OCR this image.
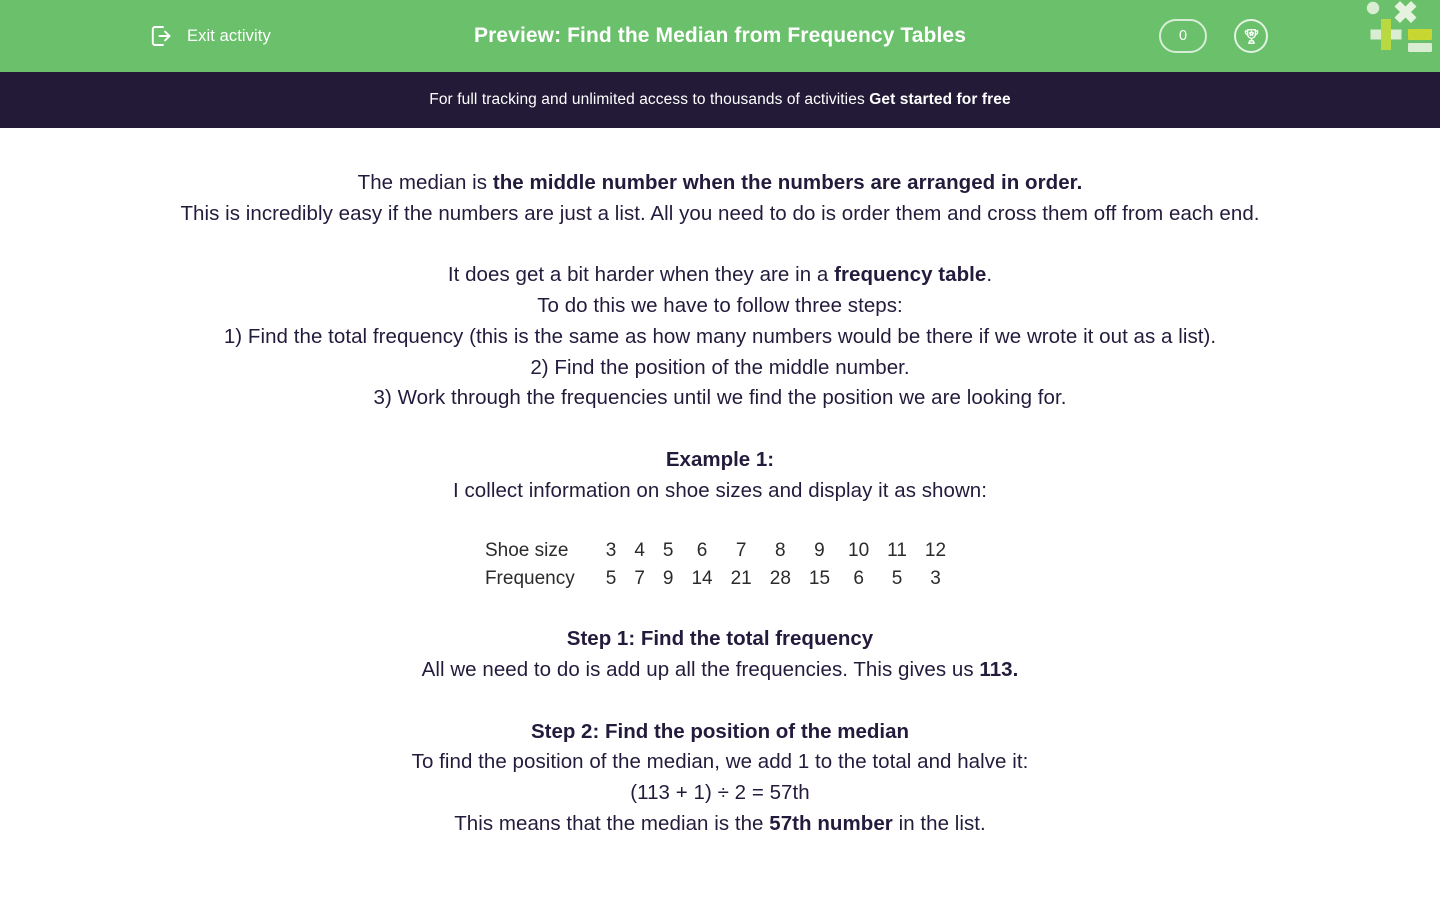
Exit activity	Preview: Find the Median from Frequency Tables	0
For full tracking and unlimited access to thousands of activities Get started for free
The median is the middle number when the numbers are arranged in order.
This is incredibly easy if the numbers are just a list. All you need to do is order them and cross them off from each end.
It does get a bit harder when they are in a frequency table.
To do this we have to follow three steps:
1) Find the total frequency (this is the same as how many numbers would be there if we wrote it out as a list).
2) Find the position of the middle number.
3) Work through the frequencies until we find the position we are looking for.
Example 1:
I collect information on shoe sizes and display it as shown:
Shoe size	3	4	5	6	7	8	9	10	11	12
Frequency	5	7	9	14	21	28	15	6	5	3
Step 1: Find the total frequency
All we need to do is add up all the frequencies. This gives us 113.
Step 2: Find the position of the median
To find the position of the median, we add 1 to the total and halve it:
(113 + 1) ÷ 2 = 57th
This means that the median is the 57th number in the list.
